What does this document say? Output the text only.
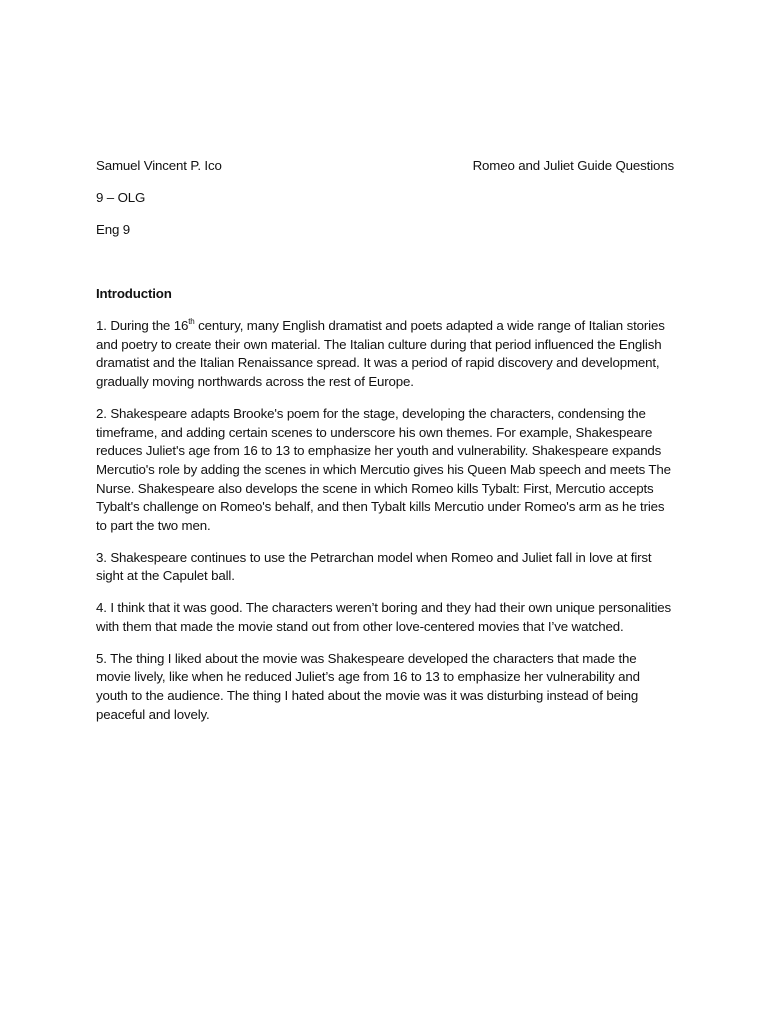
Samuel Vincent P. Ico	Romeo and Juliet Guide Questions
9 – OLG
Eng 9
Introduction

1. During the 16th century, many English dramatist and poets adapted a wide range of Italian stories and poetry to create their own material. The Italian culture during that period influenced the English dramatist and the Italian Renaissance spread. It was a period of rapid discovery and development, gradually moving northwards across the rest of Europe.

2. Shakespeare adapts Brooke's poem for the stage, developing the characters, condensing the timeframe, and adding certain scenes to underscore his own themes. For example, Shakespeare reduces Juliet's age from 16 to 13 to emphasize her youth and vulnerability. Shakespeare expands Mercutio's role by adding the scenes in which Mercutio gives his Queen Mab speech and meets The Nurse. Shakespeare also develops the scene in which Romeo kills Tybalt: First, Mercutio accepts Tybalt's challenge on Romeo's behalf, and then Tybalt kills Mercutio under Romeo's arm as he tries to part the two men.

3. Shakespeare continues to use the Petrarchan model when Romeo and Juliet fall in love at first sight at the Capulet ball.

4. I think that it was good. The characters weren’t boring and they had their own unique personalities with them that made the movie stand out from other love-centered movies that I’ve watched.

5. The thing I liked about the movie was Shakespeare developed the characters that made the movie lively, like when he reduced Juliet’s age from 16 to 13 to emphasize her vulnerability and youth to the audience. The thing I hated about the movie was it was disturbing instead of being peaceful and lovely.
